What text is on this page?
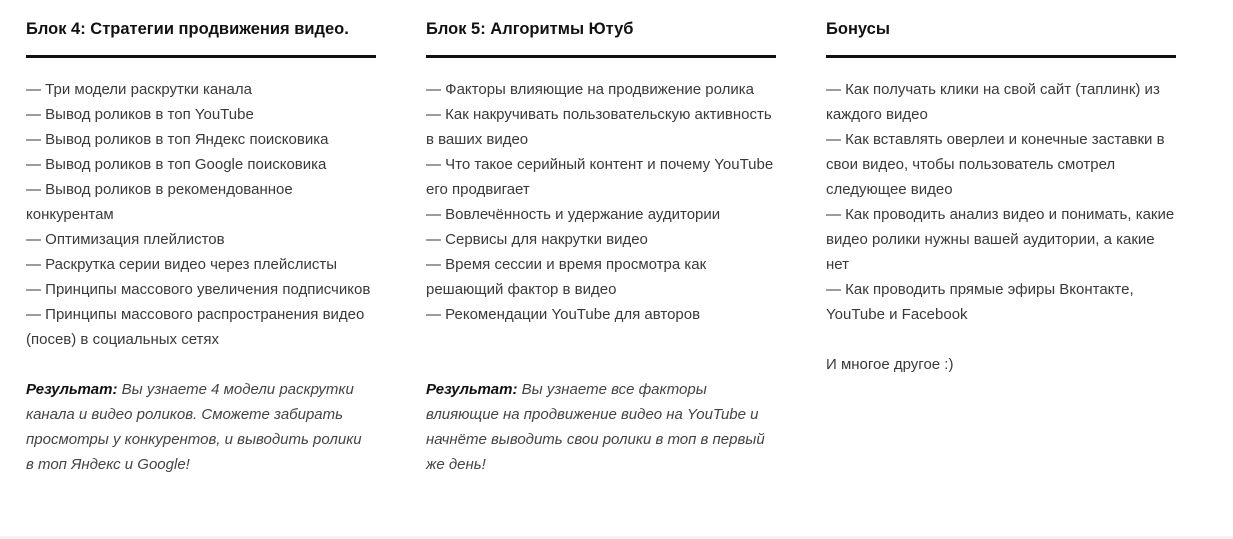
Блок 4: Стратегии продвижения видео.

— Три модели раскрутки канала

— Вывод роликов в топ YouTube

— Вывод роликов в топ Яндекс поисковика

— Вывод роликов в топ Google поисковика

— Вывод роликов в рекомендованное конкурентам

— Оптимизация плейлистов

— Раскрутка серии видео через плейслисты

— Принципы массового увеличения подписчиков

— Принципы массового распространения видео (посев) в социальных сетях

Результат: Вы узнаете 4 модели раскрутки канала и видео роликов. Сможете забирать просмотры у конкурентов, и выводить ролики в топ Яндекс и Google!

Блок 5: Алгоритмы Ютуб

— Факторы влияющие на продвижение ролика

— Как накручивать пользовательскую активность в ваших видео

— Что такое серийный контент и почему YouTube его продвигает

— Вовлечённость и удержание аудитории

— Сервисы для накрутки видео

— Время сессии и время просмотра как решающий фактор в видео

— Рекомендации YouTube для авторов

Результат: Вы узнаете все факторы влияющие на продвижение видео на YouTube и начнёте выводить свои ролики в топ в первый же день!

Бонусы

— Как получать клики на свой сайт (таплинк) из каждого видео

— Как вставлять оверлеи и конечные заставки в свои видео, чтобы пользователь смотрел следующее видео

— Как проводить анализ видео и понимать, какие видео ролики нужны вашей аудитории, а какие нет

— Как проводить прямые эфиры Вконтакте, YouTube и Facebook

И многое другое :)
